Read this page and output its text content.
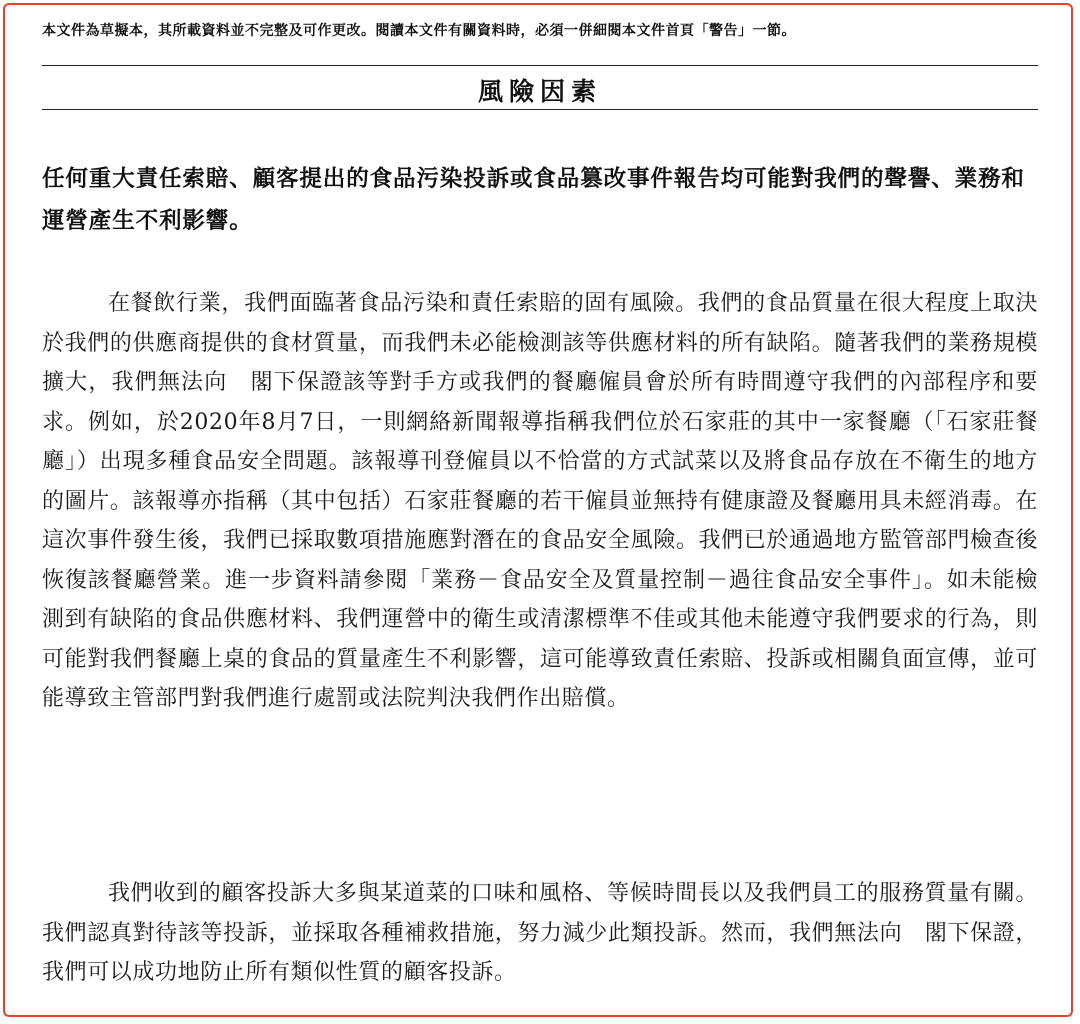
本文件為草擬本，其所載資料並不完整及可作更改。閱讀本文件有關資料時，必須一併細閱本文件首頁「警告」一節。
風險因素
任何重大責任索賠、顧客提出的食品污染投訴或食品篡改事件報告均可能對我們的聲譽、業務和運營產生不利影響。
在餐飲行業，我們面臨著食品污染和責任索賠的固有風險。我們的食品質量在很大程度上取決於我們的供應商提供的食材質量，而我們未必能檢測該等供應材料的所有缺陷。隨著我們的業務規模擴大，我們無法向　閣下保證該等對手方或我們的餐廳僱員會於所有時間遵守我們的內部程序和要求。例如，於2020年8月7日，一則網絡新聞報導指稱我們位於石家莊的其中一家餐廳（「石家莊餐廳」）出現多種食品安全問題。該報導刊登僱員以不恰當的方式試菜以及將食品存放在不衛生的地方的圖片。該報導亦指稱（其中包括）石家莊餐廳的若干僱員並無持有健康證及餐廳用具未經消毒。在這次事件發生後，我們已採取數項措施應對潛在的食品安全風險。我們已於通過地方監管部門檢查後恢復該餐廳營業。進一步資料請參閱「業務－食品安全及質量控制－過往食品安全事件」。如未能檢測到有缺陷的食品供應材料、我們運營中的衛生或清潔標準不佳或其他未能遵守我們要求的行為，則可能對我們餐廳上桌的食品的質量產生不利影響，這可能導致責任索賠、投訴或相關負面宣傳，並可能導致主管部門對我們進行處罰或法院判決我們作出賠償。
我們收到的顧客投訴大多與某道菜的口味和風格、等候時間長以及我們員工的服務質量有關。我們認真對待該等投訴，並採取各種補救措施，努力減少此類投訴。然而，我們無法向　閣下保證，我們可以成功地防止所有類似性質的顧客投訴。
